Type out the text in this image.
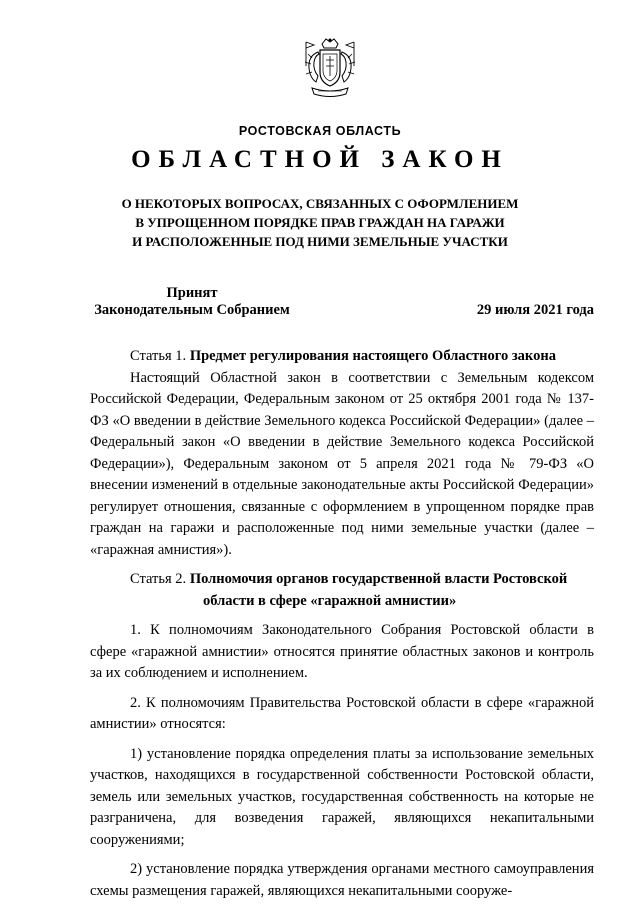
РОСТОВСКАЯ ОБЛАСТЬ
ОБЛАСТНОЙ ЗАКОН
О НЕКОТОРЫХ ВОПРОСАХ, СВЯЗАННЫХ С ОФОРМЛЕНИЕМ
В УПРОЩЕННОМ ПОРЯДКЕ ПРАВ ГРАЖДАН НА ГАРАЖИ
И РАСПОЛОЖЕННЫЕ ПОД НИМИ ЗЕМЕЛЬНЫЕ УЧАСТКИ
Принят
Законодательным Собранием	29 июля 2021 года

Статья 1. Предмет регулирования настоящего Областного закона

Настоящий Областной закон в соответствии с Земельным кодексом Российской Федерации, Федеральным законом от 25 октября 2001 года № 137-ФЗ «О введении в действие Земельного кодекса Российской Федерации» (далее – Федеральный закон «О введении в действие Земельного кодекса Российской Федерации»), Федеральным законом от 5 апреля 2021 года № 79-ФЗ «О внесении изменений в отдельные законодательные акты Российской Федерации» регулирует отношения, связанные с оформлением в упрощенном порядке прав граждан на гаражи и расположенные под ними земельные участки (далее – «гаражная амнистия»).

Статья 2. Полномочия органов государственной власти Ростовской области в сфере «гаражной амнистии»

1. К полномочиям Законодательного Собрания Ростовской области в сфере «гаражной амнистии» относятся принятие областных законов и контроль за их соблюдением и исполнением.

2. К полномочиям Правительства Ростовской области в сфере «гаражной амнистии» относятся:

1) установление порядка определения платы за использование земельных участков, находящихся в государственной собственности Ростовской области, земель или земельных участков, государственная собственность на которые не разграничена, для возведения гаражей, являющихся некапитальными сооружениями;

2) установление порядка утверждения органами местного самоуправления схемы размещения гаражей, являющихся некапитальными сооруже-
